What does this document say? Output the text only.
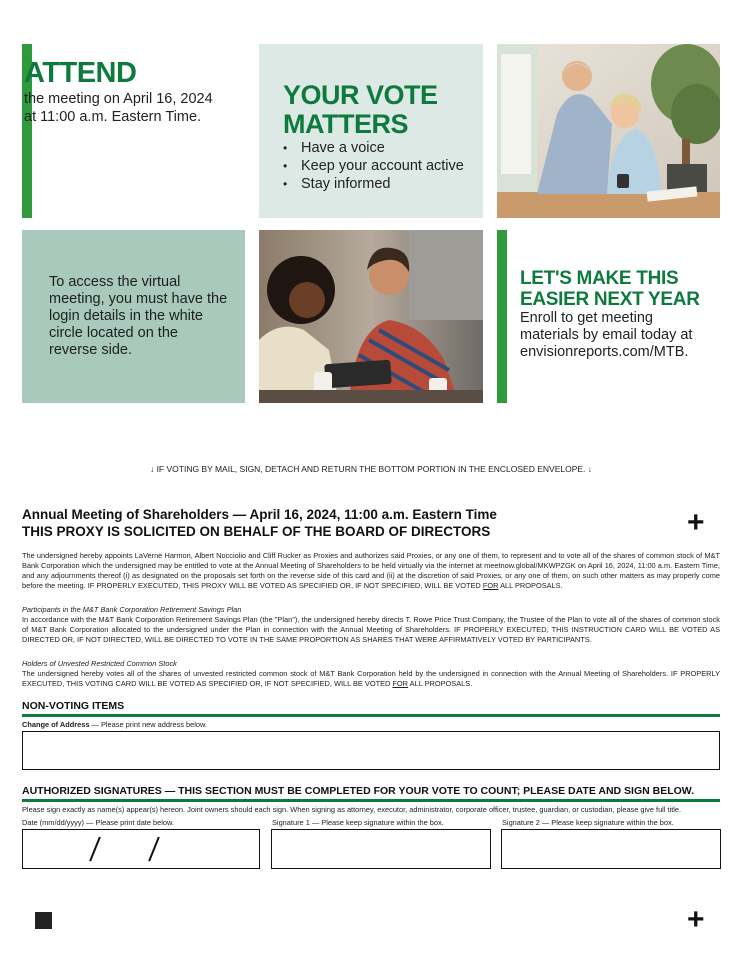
ATTEND
the meeting on April 16, 2024 at 11:00 a.m. Eastern Time.
YOUR VOTE MATTERS
• Have a voice
• Keep your account active
• Stay informed
To access the virtual meeting, you must have the login details in the white circle located on the reverse side.
LET'S MAKE THIS EASIER NEXT YEAR
Enroll to get meeting materials by email today at envisionreports.com/MTB.
↓ IF VOTING BY MAIL, SIGN, DETACH AND RETURN THE BOTTOM PORTION IN THE ENCLOSED ENVELOPE. ↓
Annual Meeting of Shareholders — April 16, 2024, 11:00 a.m. Eastern Time
THIS PROXY IS SOLICITED ON BEHALF OF THE BOARD OF DIRECTORS	+
The undersigned hereby appoints LaVerne Harmon, Albert Nocciolio and Cliff Rucker as Proxies and authorizes said Proxies, or any one of them, to represent and to vote all of the shares of common stock of M&T Bank Corporation which the undersigned may be entitled to vote at the Annual Meeting of Shareholders to be held virtually via the internet at meetnow.global/MKWPZGK on April 16, 2024, 11:00 a.m. Eastern Time, and any adjournments thereof (i) as designated on the proposals set forth on the reverse side of this card and (ii) at the discretion of said Proxies, or any one of them, on such other matters as may properly come before the meeting. IF PROPERLY EXECUTED, THIS PROXY WILL BE VOTED AS SPECIFIED OR, IF NOT SPECIFIED, WILL BE VOTED FOR ALL PROPOSALS.
Participants in the M&T Bank Corporation Retirement Savings Plan
In accordance with the M&T Bank Corporation Retirement Savings Plan (the "Plan"), the undersigned hereby directs T. Rowe Price Trust Company, the Trustee of the Plan to vote all of the shares of common stock of M&T Bank Corporation allocated to the undersigned under the Plan in connection with the Annual Meeting of Shareholders. IF PROPERLY EXECUTED, THIS INSTRUCTION CARD WILL BE VOTED AS DIRECTED OR, IF NOT DIRECTED, WILL BE DIRECTED TO VOTE IN THE SAME PROPORTION AS SHARES THAT WERE AFFIRMATIVELY VOTED BY PARTICIPANTS.
Holders of Unvested Restricted Common Stock
The undersigned hereby votes all of the shares of unvested restricted common stock of M&T Bank Corporation held by the undersigned in connection with the Annual Meeting of Shareholders. IF PROPERLY EXECUTED, THIS VOTING CARD WILL BE VOTED AS SPECIFIED OR, IF NOT SPECIFIED, WILL BE VOTED FOR ALL PROPOSALS.
NON-VOTING ITEMS
Change of Address — Please print new address below.
AUTHORIZED SIGNATURES — THIS SECTION MUST BE COMPLETED FOR YOUR VOTE TO COUNT; PLEASE DATE AND SIGN BELOW.
Please sign exactly as name(s) appear(s) hereon. Joint owners should each sign. When signing as attorney, executor, administrator, corporate officer, trustee, guardian, or custodian, please give full title.
Date (mm/dd/yyyy) — Please print date below.	Signature 1 — Please keep signature within the box.	Signature 2 — Please keep signature within the box.
+
